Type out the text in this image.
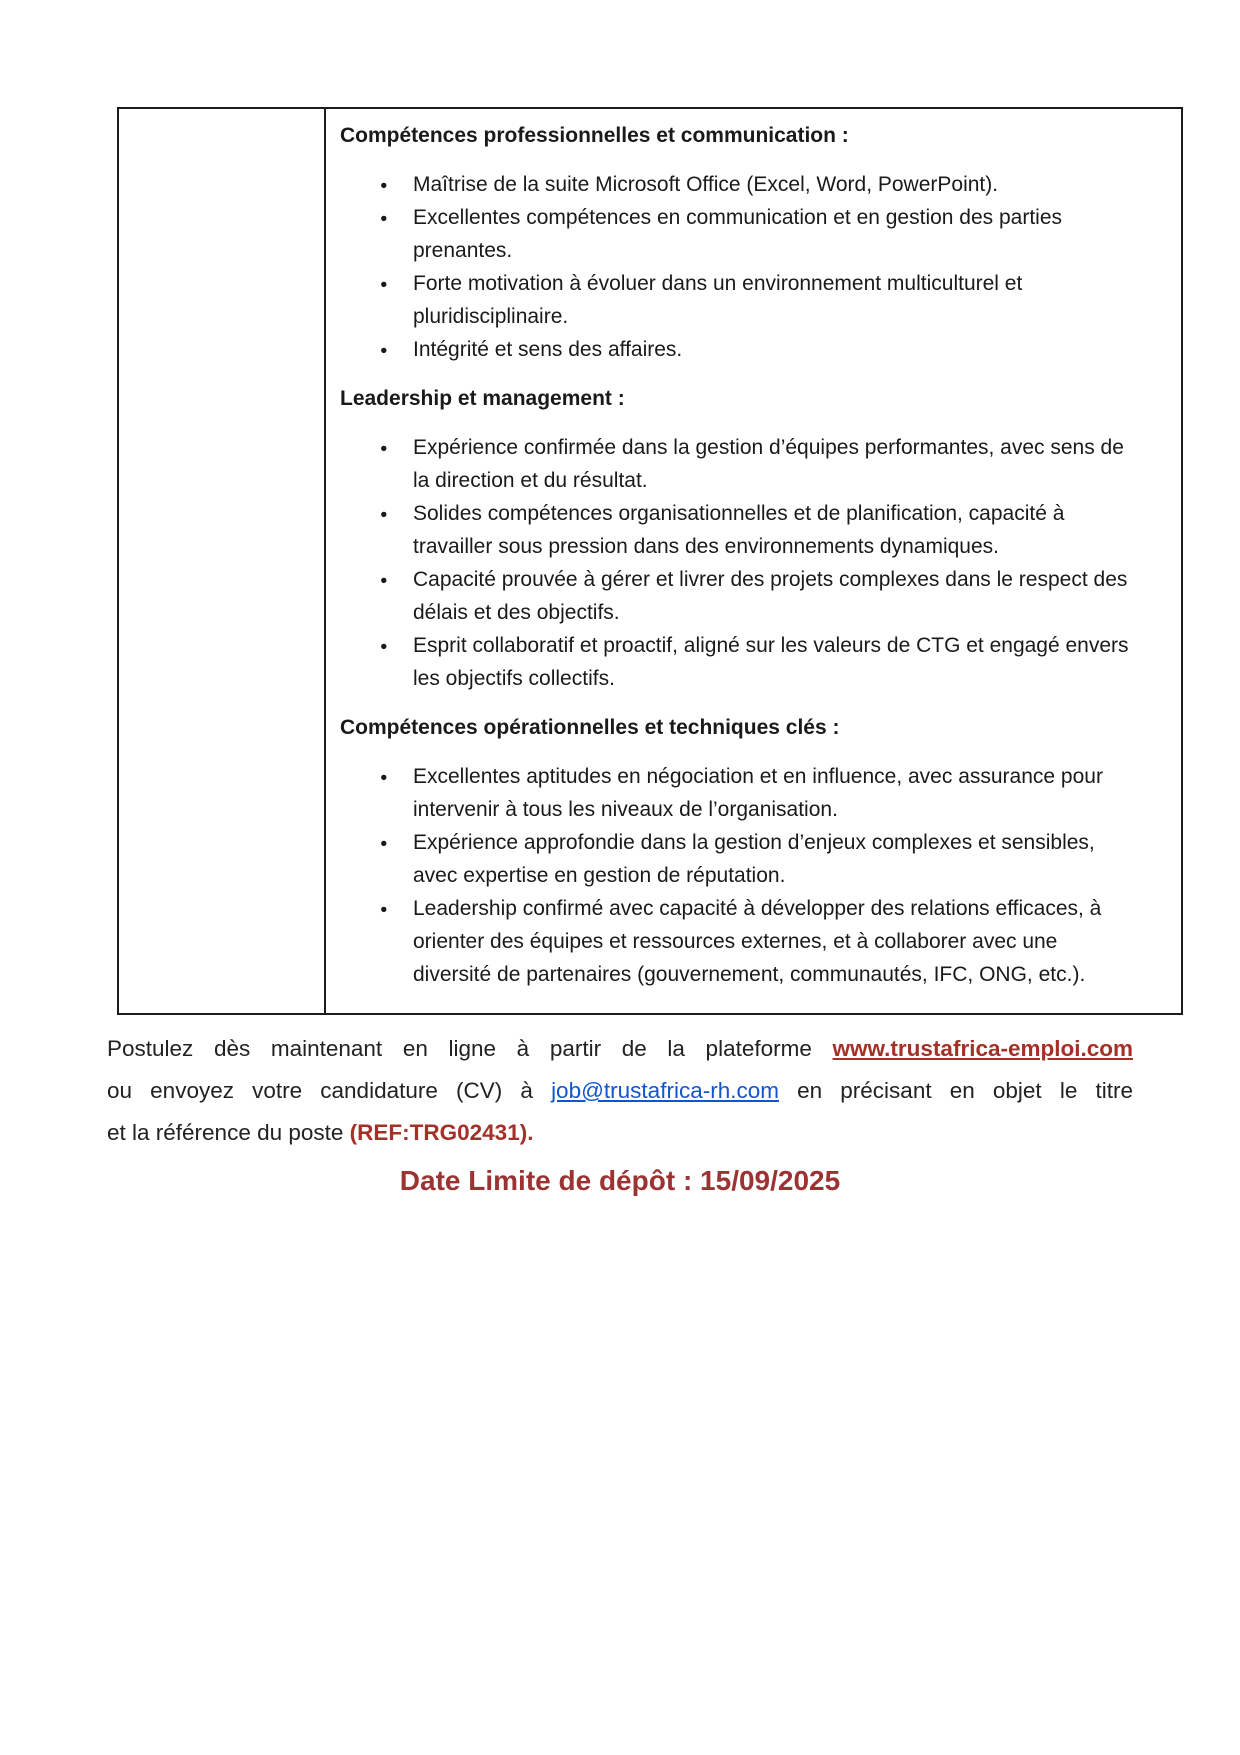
Compétences professionnelles et communication :
● Maîtrise de la suite Microsoft Office (Excel, Word, PowerPoint).
● Excellentes compétences en communication et en gestion des parties prenantes.
● Forte motivation à évoluer dans un environnement multiculturel et pluridisciplinaire.
● Intégrité et sens des affaires.
Leadership et management :
● Expérience confirmée dans la gestion d’équipes performantes, avec sens de la direction et du résultat.
● Solides compétences organisationnelles et de planification, capacité à travailler sous pression dans des environnements dynamiques.
● Capacité prouvée à gérer et livrer des projets complexes dans le respect des délais et des objectifs.
● Esprit collaboratif et proactif, aligné sur les valeurs de CTG et engagé envers les objectifs collectifs.
Compétences opérationnelles et techniques clés :
● Excellentes aptitudes en négociation et en influence, avec assurance pour intervenir à tous les niveaux de l’organisation.
● Expérience approfondie dans la gestion d’enjeux complexes et sensibles, avec expertise en gestion de réputation.
● Leadership confirmé avec capacité à développer des relations efficaces, à orienter des équipes et ressources externes, et à collaborer avec une diversité de partenaires (gouvernement, communautés, IFC, ONG, etc.).
Postulez dès maintenant en ligne à partir de la plateforme www.trustafrica-emploi.com
ou envoyez votre candidature (CV) à job@trustafrica-rh.com en précisant en objet le titre
et la référence du poste (REF:TRG02431).
Date Limite de dépôt : 15/09/2025
